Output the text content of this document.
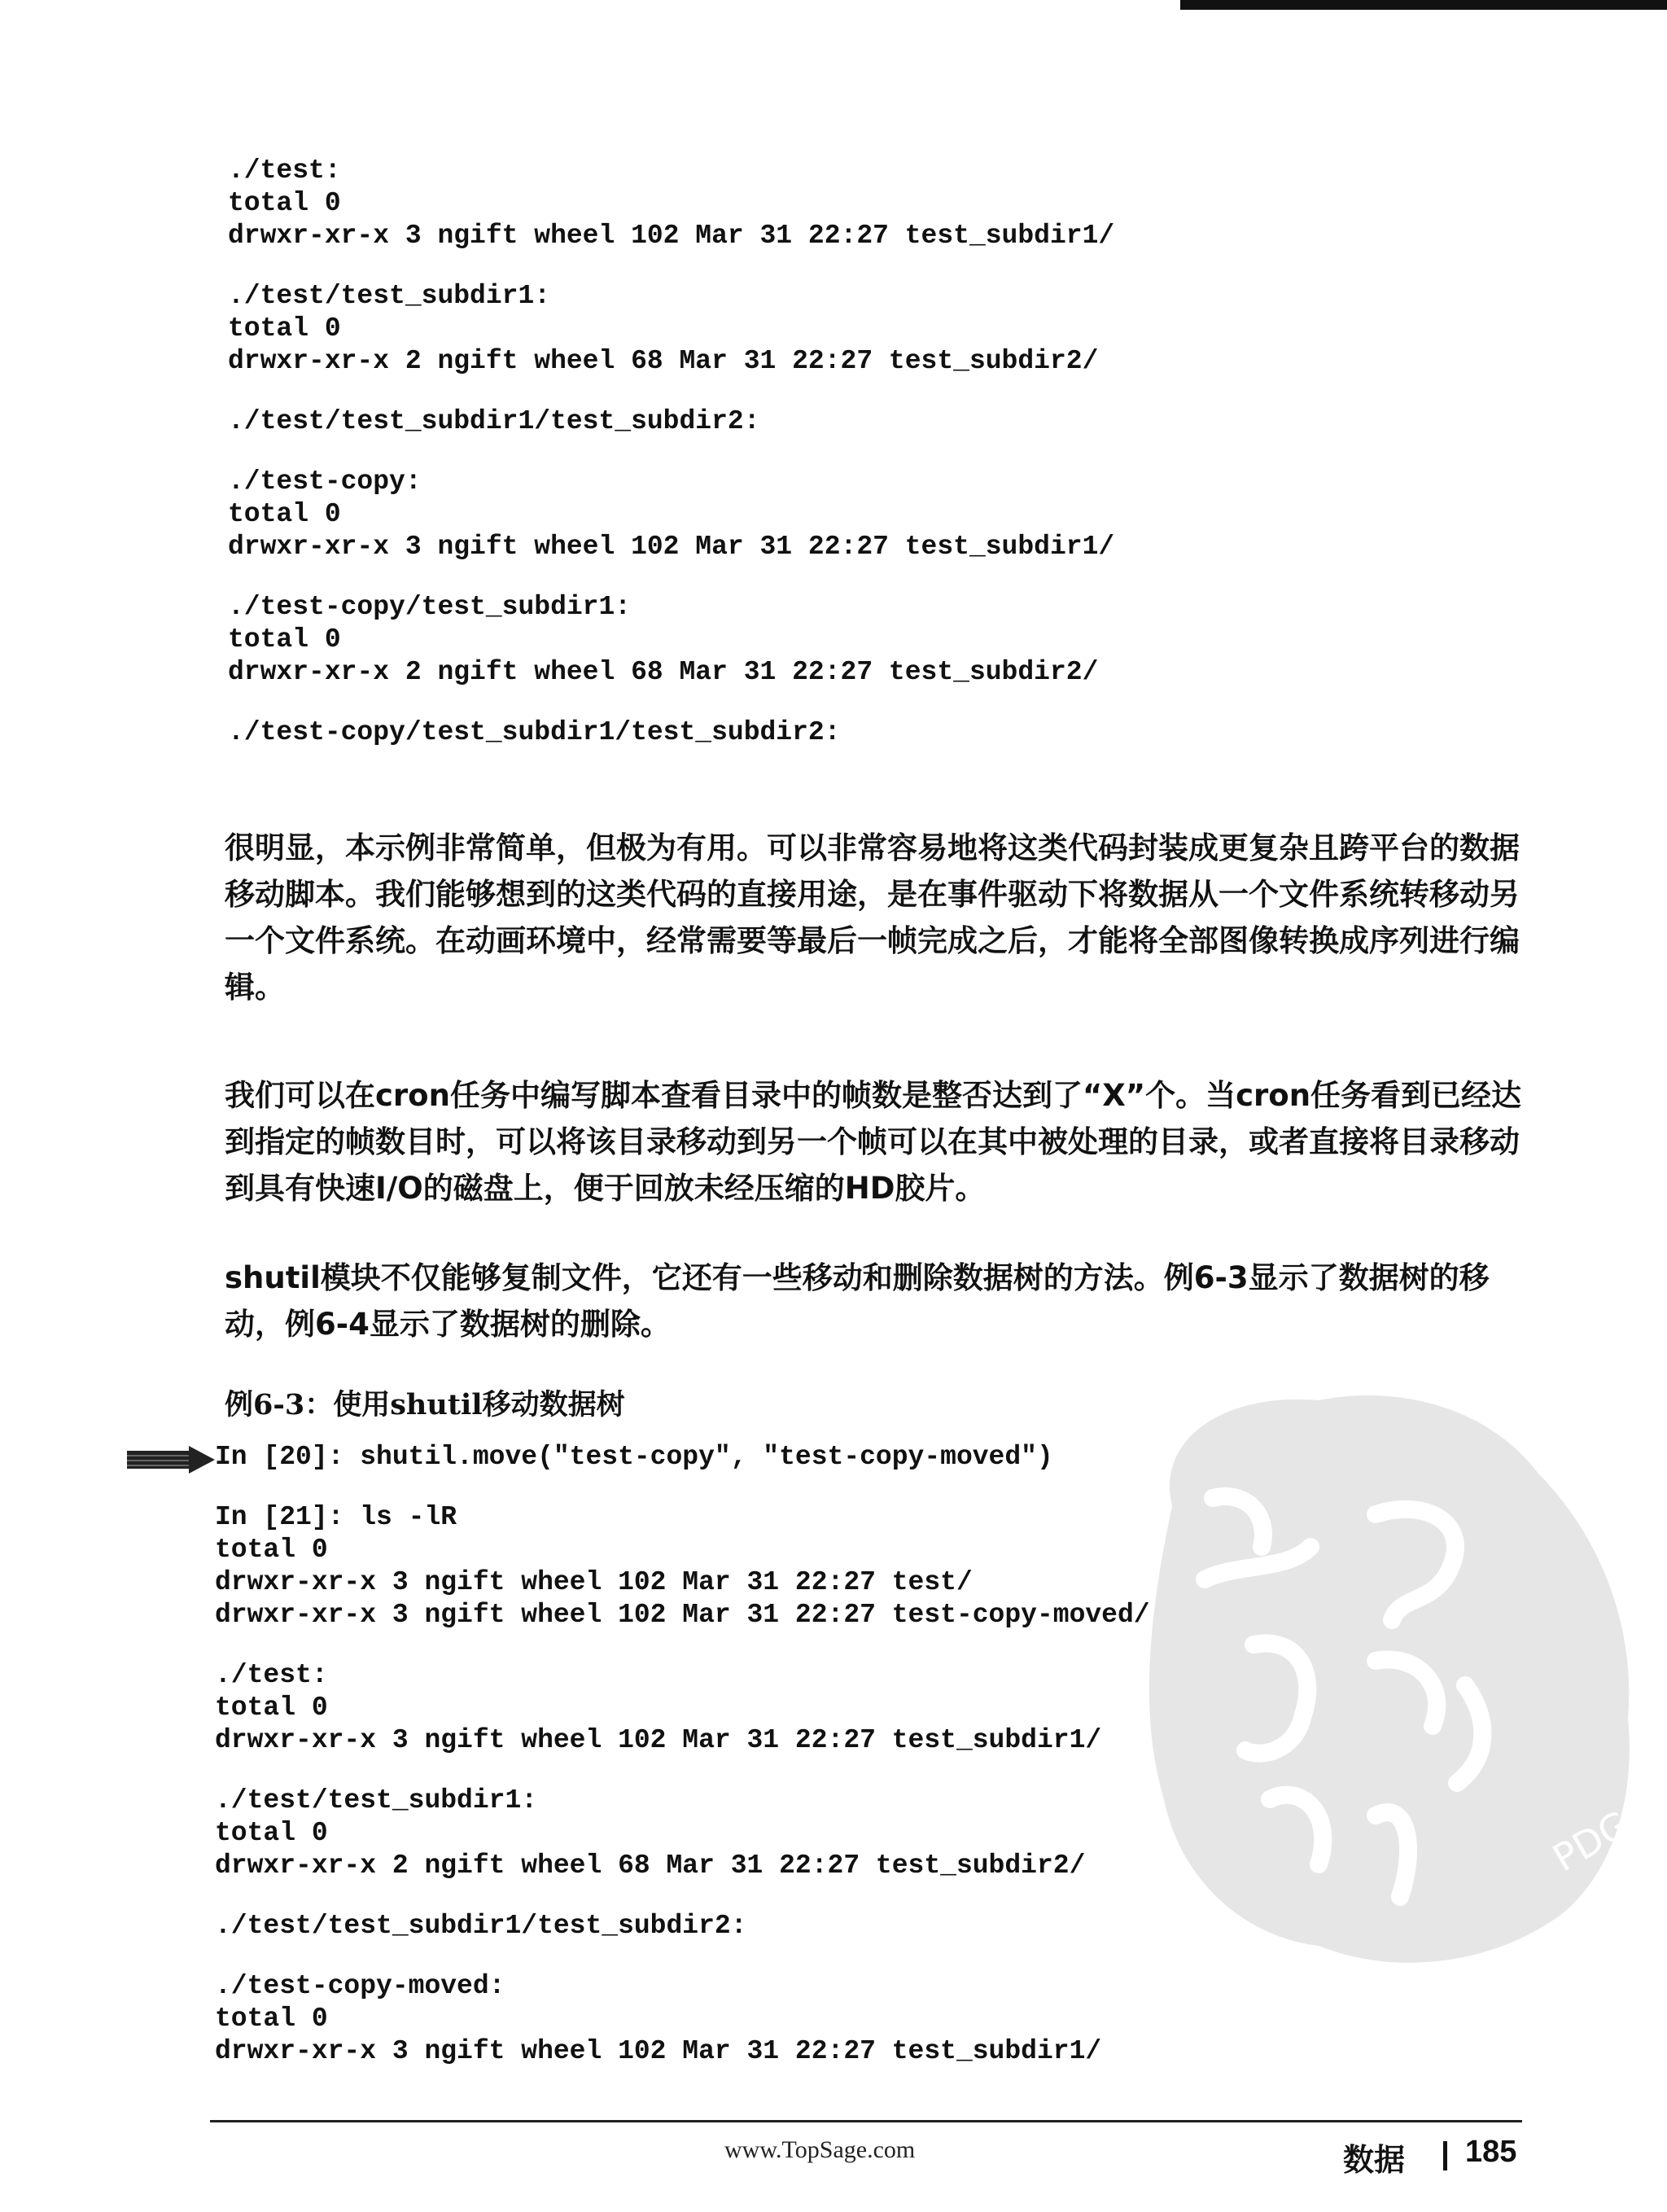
./test:
total 0
drwxr-xr-x 3 ngift wheel 102 Mar 31 22:27 test_subdir1/
./test/test_subdir1:
total 0
drwxr-xr-x 2 ngift wheel 68 Mar 31 22:27 test_subdir2/
./test/test_subdir1/test_subdir2:
./test-copy:
total 0
drwxr-xr-x 3 ngift wheel 102 Mar 31 22:27 test_subdir1/
./test-copy/test_subdir1:
total 0
drwxr-xr-x 2 ngift wheel 68 Mar 31 22:27 test_subdir2/
./test-copy/test_subdir1/test_subdir2:

很明显，本示例非常简单，但极为有用。可以非常容易地将这类代码封装成更复杂且跨平台的数据移动脚本。我们能够想到的这类代码的直接用途，是在事件驱动下将数据从一个文件系统转移动另一个文件系统。在动画环境中，经常需要等最后一帧完成之后，才能将全部图像转换成序列进行编辑。

我们可以在cron任务中编写脚本查看目录中的帧数是整否达到了“X”个。当cron任务看到已经达到指定的帧数目时，可以将该目录移动到另一个帧可以在其中被处理的目录，或者直接将目录移动到具有快速I/O的磁盘上，便于回放未经压缩的HD胶片。

shutil模块不仅能够复制文件，它还有一些移动和删除数据树的方法。例6-3显示了数据树的移动，例6-4显示了数据树的删除。

例6-3：使用shutil移动数据树

In [20]: shutil.move("test-copy", "test-copy-moved")
In [21]: ls -lR
total 0
drwxr-xr-x 3 ngift wheel 102 Mar 31 22:27 test/
drwxr-xr-x 3 ngift wheel 102 Mar 31 22:27 test-copy-moved/
./test:
total 0
drwxr-xr-x 3 ngift wheel 102 Mar 31 22:27 test_subdir1/
./test/test_subdir1:
total 0
drwxr-xr-x 2 ngift wheel 68 Mar 31 22:27 test_subdir2/
./test/test_subdir1/test_subdir2:
./test-copy-moved:
total 0
drwxr-xr-x 3 ngift wheel 102 Mar 31 22:27 test_subdir1/
PDG
www.TopSage.com	数据 185
